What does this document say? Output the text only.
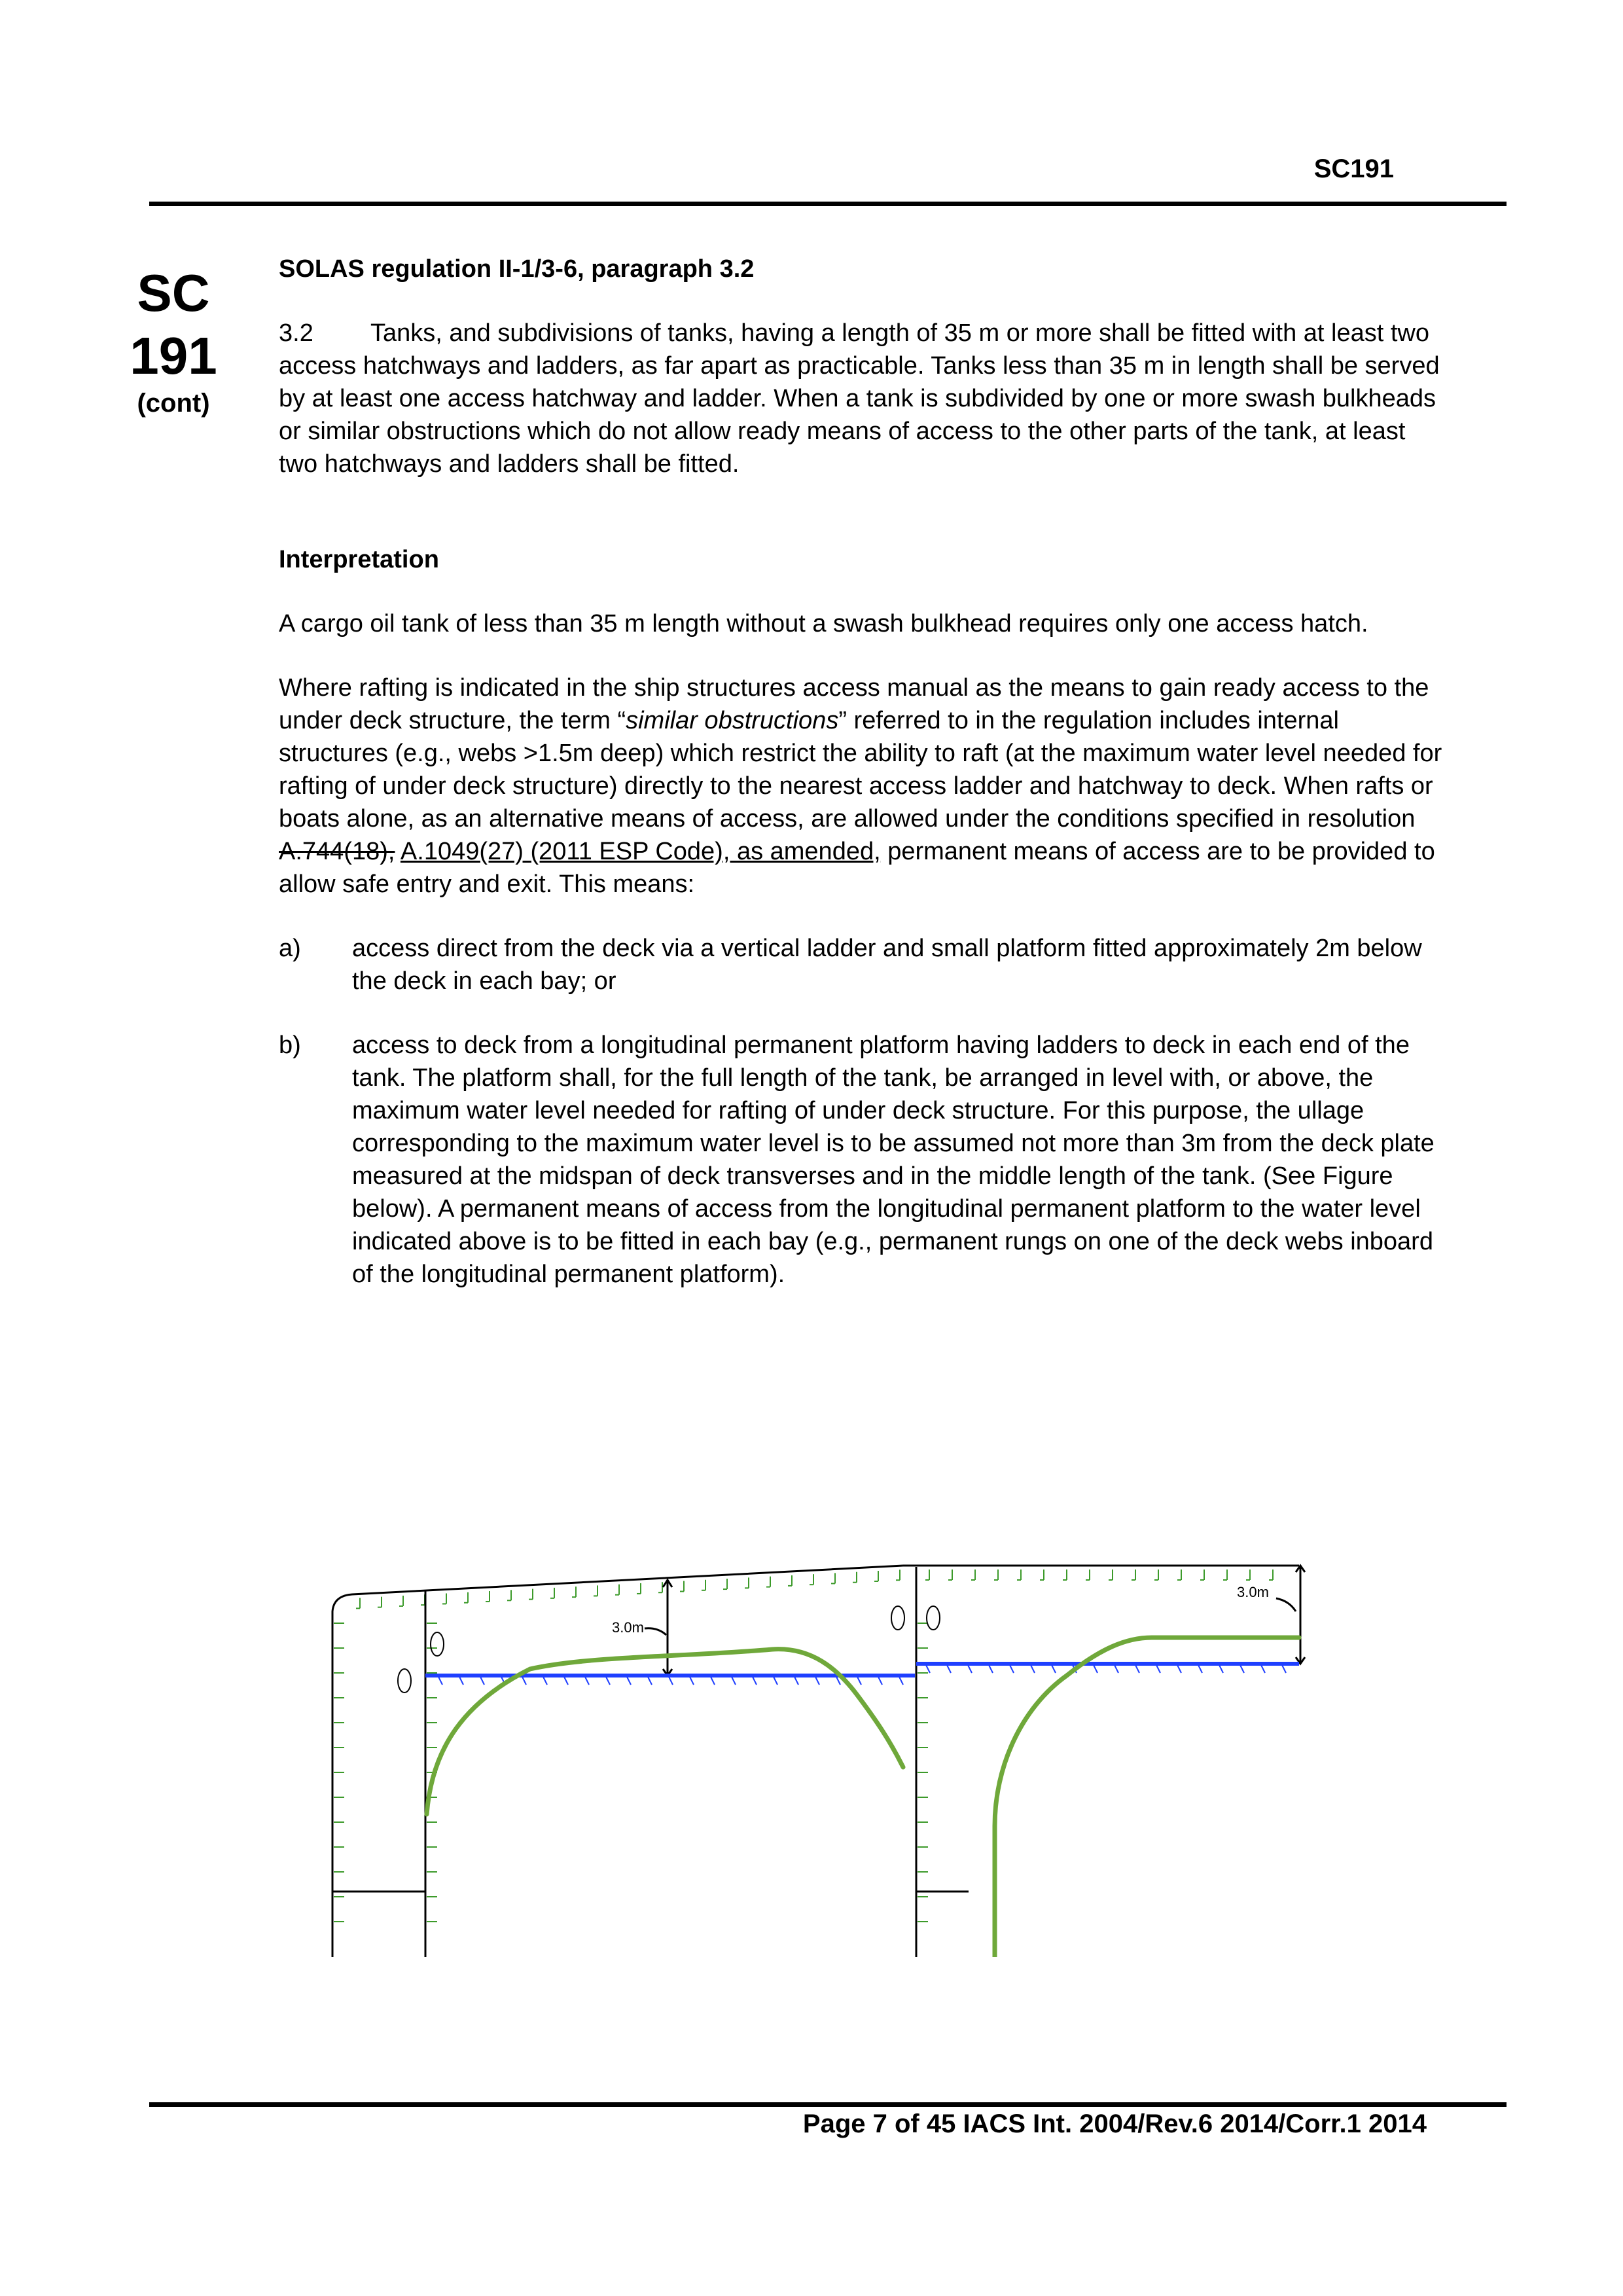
SC191
SC
191
(cont)

SOLAS regulation II-1/3-6, paragraph 3.2

3.2 Tanks, and subdivisions of tanks, having a length of 35 m or more shall be fitted with at least two access hatchways and ladders, as far apart as practicable. Tanks less than 35 m in length shall be served by at least one access hatchway and ladder. When a tank is subdivided by one or more swash bulkheads or similar obstructions which do not allow ready means of access to the other parts of the tank, at least two hatchways and ladders shall be fitted.

Interpretation

A cargo oil tank of less than 35 m length without a swash bulkhead requires only one access hatch.

Where rafting is indicated in the ship structures access manual as the means to gain ready access to the under deck structure, the term “similar obstructions” referred to in the regulation includes internal structures (e.g., webs >1.5m deep) which restrict the ability to raft (at the maximum water level needed for rafting of under deck structure) directly to the nearest access ladder and hatchway to deck. When rafts or boats alone, as an alternative means of access, are allowed under the conditions specified in resolution A.744(18), A.1049(27) (2011 ESP Code), as amended, permanent means of access are to be provided to allow safe entry and exit. This means:

a) access direct from the deck via a vertical ladder and small platform fitted approximately 2m below the deck in each bay; or
b) access to deck from a longitudinal permanent platform having ladders to deck in each end of the tank. The platform shall, for the full length of the tank, be arranged in level with, or above, the maximum water level needed for rafting of under deck structure. For this purpose, the ullage corresponding to the maximum water level is to be assumed not more than 3m from the deck plate measured at the midspan of deck transverses and in the middle length of the tank. (See Figure below). A permanent means of access from the longitudinal permanent platform to the water level indicated above is to be fitted in each bay (e.g., permanent rungs on one of the deck webs inboard of the longitudinal permanent platform).
3.0m
3.0m
Page 7 of 45 IACS Int. 2004/Rev.6 2014/Corr.1 2014
